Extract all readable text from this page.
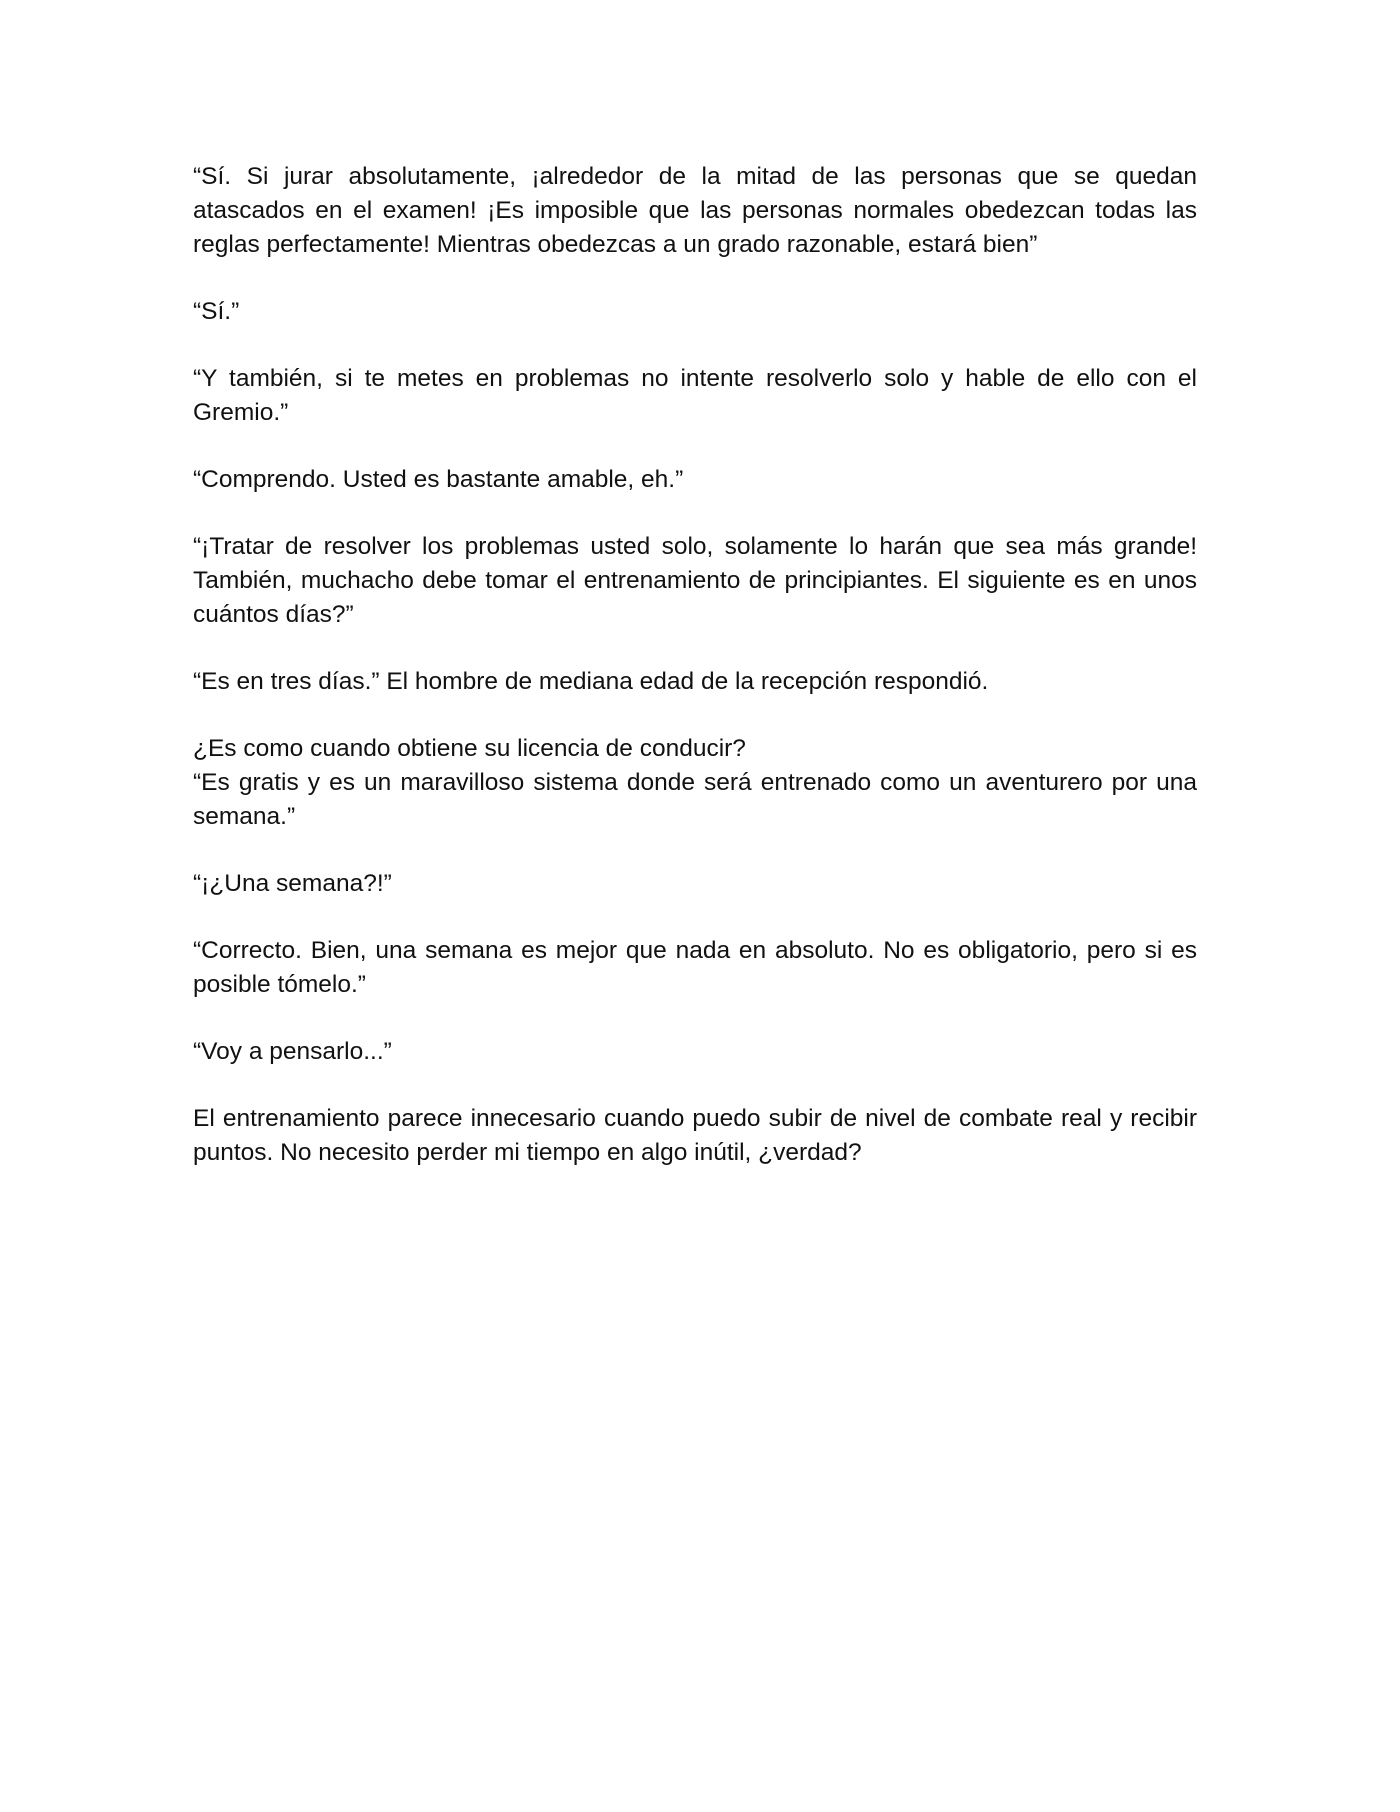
“Sí. Si jurar absolutamente, ¡alrededor de la mitad de las personas que se quedan atascados en el examen! ¡Es imposible que las personas normales obedezcan todas las reglas perfectamente! Mientras obedezcas a un grado razonable, estará bien”

“Sí.”

“Y también, si te metes en problemas no intente resolverlo solo y hable de ello con el Gremio.”

“Comprendo. Usted es bastante amable, eh.”

“¡Tratar de resolver los problemas usted solo, solamente lo harán que sea más grande! También, muchacho debe tomar el entrenamiento de principiantes. El siguiente es en unos cuántos días?”

“Es en tres días.” El hombre de mediana edad de la recepción respondió.

¿Es como cuando obtiene su licencia de conducir?

“Es gratis y es un maravilloso sistema donde será entrenado como un aventurero por una semana.”

“¡¿Una semana?!”

“Correcto. Bien, una semana es mejor que nada en absoluto. No es obligatorio, pero si es posible tómelo.”

“Voy a pensarlo...”

El entrenamiento parece innecesario cuando puedo subir de nivel de combate real y recibir puntos. No necesito perder mi tiempo en algo inútil, ¿verdad?
